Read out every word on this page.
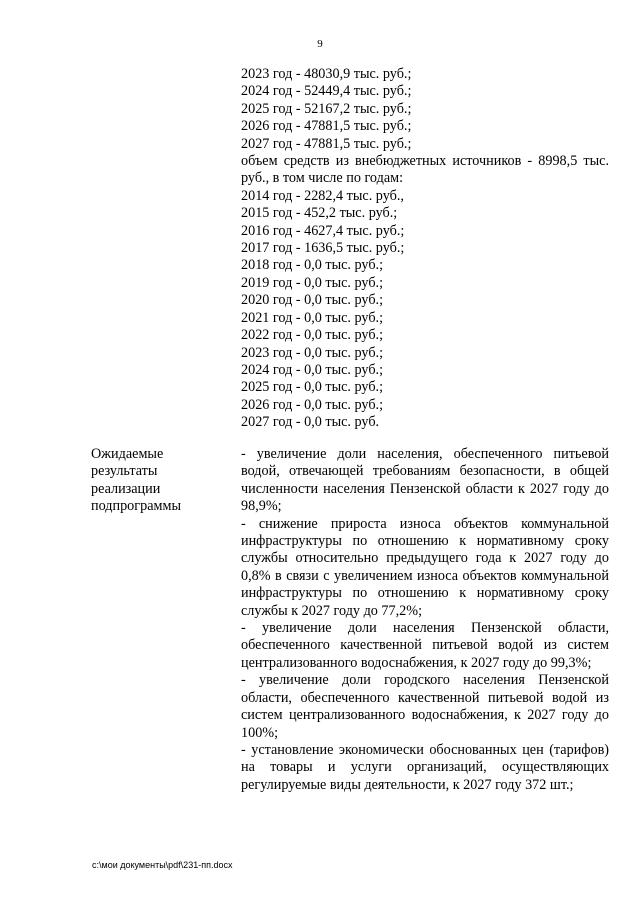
9
2023 год - 48030,9 тыс. руб.;
2024 год - 52449,4 тыс. руб.;
2025 год - 52167,2 тыс. руб.;
2026 год - 47881,5 тыс. руб.;
2027 год - 47881,5 тыс. руб.;
объем средств из внебюджетных источников - 8998,5 тыс. руб., в том числе по годам:
2014 год - 2282,4 тыс. руб.,
2015 год - 452,2 тыс. руб.;
2016 год - 4627,4 тыс. руб.;
2017 год - 1636,5 тыс. руб.;
2018 год - 0,0 тыс. руб.;
2019 год - 0,0 тыс. руб.;
2020 год - 0,0 тыс. руб.;
2021 год - 0,0 тыс. руб.;
2022 год - 0,0 тыс. руб.;
2023 год - 0,0 тыс. руб.;
2024 год - 0,0 тыс. руб.;
2025 год - 0,0 тыс. руб.;
2026 год - 0,0 тыс. руб.;
2027 год - 0,0 тыс. руб.
Ожидаемые
результаты
реализации
подпрограммы
- увеличение доли населения, обеспеченного питьевой водой, отвечающей требованиям безопасности, в общей численности населения Пензенской области к 2027 году до 98,9%;
- снижение прироста износа объектов коммунальной инфраструктуры по отношению к нормативному сроку службы относительно предыдущего года к 2027 году до 0,8% в связи с увеличением износа объектов коммунальной инфраструктуры по отношению к нормативному сроку службы к 2027 году до 77,2%;
- увеличение доли населения Пензенской области, обеспеченного качественной питьевой водой из систем централизованного водоснабжения, к 2027 году до 99,3%;
- увеличение доли городского населения Пензенской области, обеспеченного качественной питьевой водой из систем централизованного водоснабжения, к 2027 году до 100%;
- установление экономически обоснованных цен (тарифов) на товары и услуги организаций, осуществляющих регулируемые виды деятельности, к 2027 году 372 шт.;
c:\мои документы\pdf\231-пп.docx
